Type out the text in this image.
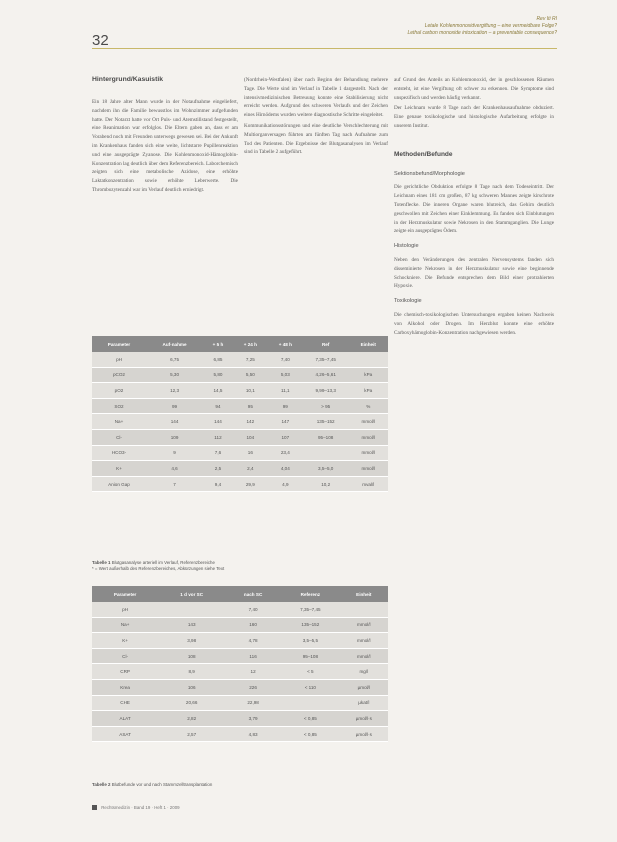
32
Rev Iti RI
Letale Kohlenmonoxidvergiftung – eine vermeidbare Folge?
Lethal carbon monoxide intoxication – a preventable consequence?
Hintergrund/Kasuistik

Ein 18 Jahre alter Mann wurde in der Notaufnahme eingeliefert, nachdem ihn die Familie bewusstlos im Wohnzimmer aufgefunden hatte. Der Notarzt hatte vor Ort Puls- und Atemstillstand festgestellt, eine Reanimation war erfolglos. Die Eltern gaben an, dass er am Vorabend noch mit Freunden unterwegs gewesen sei. Bei der Ankunft im Krankenhaus fanden sich eine weite, lichtstarre Pupillenreaktion und eine ausgeprägte Zyanose. Die Kohlenmonoxid-Hämoglobin-Konzentration lag deutlich über dem Referenzbereich. Laborchemisch zeigten sich eine metabolische Azidose, eine erhöhte Laktatkonzentration sowie erhöhte Leberwerte. Die Thrombozytenzahl war im Verlauf deutlich erniedrigt.

(Nordrhein-Westfalen) über nach Beginn der Behandlung mehrere Tage. Die Werte sind im Verlauf in Tabelle 1 dargestellt. Nach der intensivmedizinischen Betreuung konnte eine Stabilisierung nicht erreicht werden. Aufgrund des schweren Verlaufs und der Zeichen eines Hirnödems wurden weitere diagnostische Schritte eingeleitet.

Kommunikationsstörungen und eine deutliche Verschlechterung mit Multiorganversagen führten am fünften Tag nach Aufnahme zum Tod des Patienten. Die Ergebnisse der Blutgasanalysen im Verlauf sind in Tabelle 2 aufgeführt.

auf Grund des Anteils an Kohlenmonoxid, der in geschlossenen Räumen entsteht, ist eine Vergiftung oft schwer zu erkennen. Die Symptome sind unspezifisch und werden häufig verkannt.

Der Leichnam wurde 8 Tage nach der Krankenhausaufnahme obduziert. Eine genaue toxikologische und histologische Aufarbeitung erfolgte in unserem Institut.

Methoden/Befunde
Sektionsbefund/Morphologie

Die gerichtliche Obduktion erfolgte 8 Tage nach dem Todeseintritt. Der Leichnam eines 181 cm großen, 87 kg schweren Mannes zeigte kirschrote Totenflecke. Die inneren Organe waren blutreich, das Gehirn deutlich geschwollen mit Zeichen einer Einklemmung. Es fanden sich Einblutungen in der Herzmuskulatur sowie Nekrosen in den Stammganglien. Die Lunge zeigte ein ausgeprägtes Ödem.

Histologie

Neben den Veränderungen des zentralen Nervensystems fanden sich disseminierte Nekrosen in der Herzmuskulatur sowie eine beginnende Schockniere. Die Befunde entsprechen dem Bild einer protrahierten Hypoxie.

Toxikologie

Die chemisch-toxikologischen Untersuchungen ergaben keinen Nachweis von Alkohol oder Drogen. Im Herzblut konnte eine erhöhte Carboxyhämoglobin-Konzentration nachgewiesen werden.

Parameter	Auf-nahme	+ 5 h	+ 24 h	+ 48 h	Ref	Einheit
pH	6,75	6,85	7,25	7,40	7,35–7,45	
pCO2	5,30	5,80	5,50	5,03	4,26–5,61	kPa
pO2	12,3	14,5	10,1	11,1	9,99–13,3	kPa
SO2	99	94	95	99	> 95	%
Na+	144	144	142	147	135–152	mmol/l
Cl-	109	112	104	107	95–108	mmol/l
HCO3-	9	7,6	16	23,4		mmol/l
K+	4,6	2,5	2,4	4,04	3,5–5,0	mmol/l
Anion Gap	7	9,4	29,9	4,9	10,2	mval/l
Tabelle 1 Blutgasanalyse arteriell im Verlauf, Referenzbereiche
* = Wert außerhalb des Referenzbereiches, Abkürzungen siehe Text
Parameter	1 d vor SC	nach SC	Referenz	Einheit
pH		7,40	7,35–7,45	
Na+	143	160	135–152	mmol/l
K+	3,98	4,78	3,5–5,5	mmol/l
Cl-	108	116	95–108	mmol/l
CRP	8,9	12	< 5	mg/l
Krea	106	226	< 110	µmol/l
CHE	20,66	22,98		µkat/l
ALAT	2,82	3,79	< 0,85	µmol/l·s
ASAT	2,57	4,83	< 0,85	µmol/l·s
Tabelle 2 Blutbefunde vor und nach Stammzelltransplantation
Rechtsmedizin · Band 19 · Heft 1 · 2009
